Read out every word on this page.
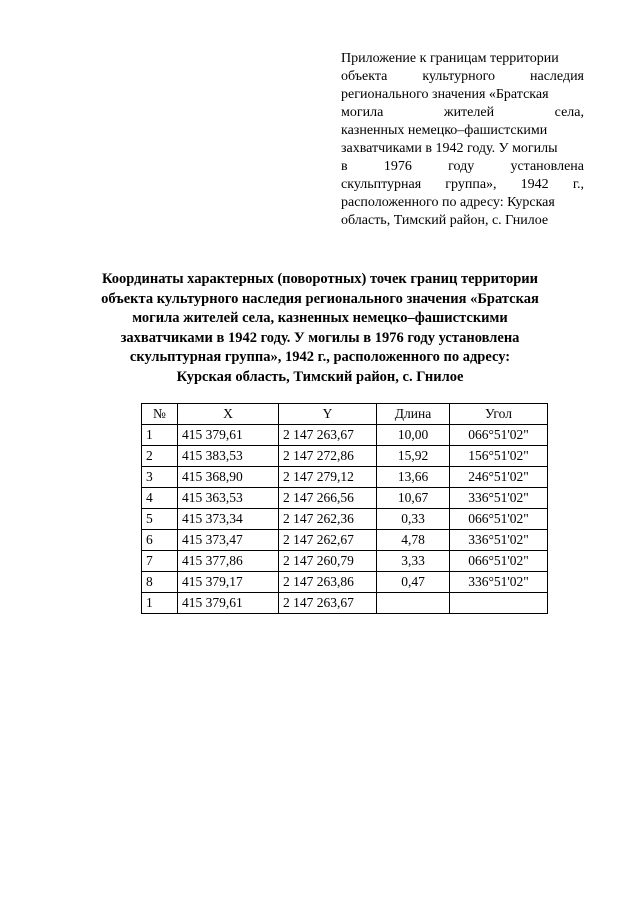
Приложение к границам территории
объекта культурного наследия
регионального значения «Братская
могила жителей села,
казненных немецко–фашистскими
захватчиками в 1942 году. У могилы
в 1976 году установлена
скульптурная группа», 1942 г.,
расположенного по адресу: Курская
область, Тимский район, с. Гнилое
Координаты характерных (поворотных) точек границ территории
объекта культурного наследия регионального значения «Братская
могила жителей села, казненных немецко–фашистскими
захватчиками в 1942 году. У могилы в 1976 году установлена
скульптурная группа», 1942 г., расположенного по адресу:
Курская область, Тимский район, с. Гнилое
№	X	Y	Длина	Угол
1	415 379,61	2 147 263,67	10,00	066°51'02"
2	415 383,53	2 147 272,86	15,92	156°51'02"
3	415 368,90	2 147 279,12	13,66	246°51'02"
4	415 363,53	2 147 266,56	10,67	336°51'02"
5	415 373,34	2 147 262,36	0,33	066°51'02"
6	415 373,47	2 147 262,67	4,78	336°51'02"
7	415 377,86	2 147 260,79	3,33	066°51'02"
8	415 379,17	2 147 263,86	0,47	336°51'02"
1	415 379,61	2 147 263,67		
